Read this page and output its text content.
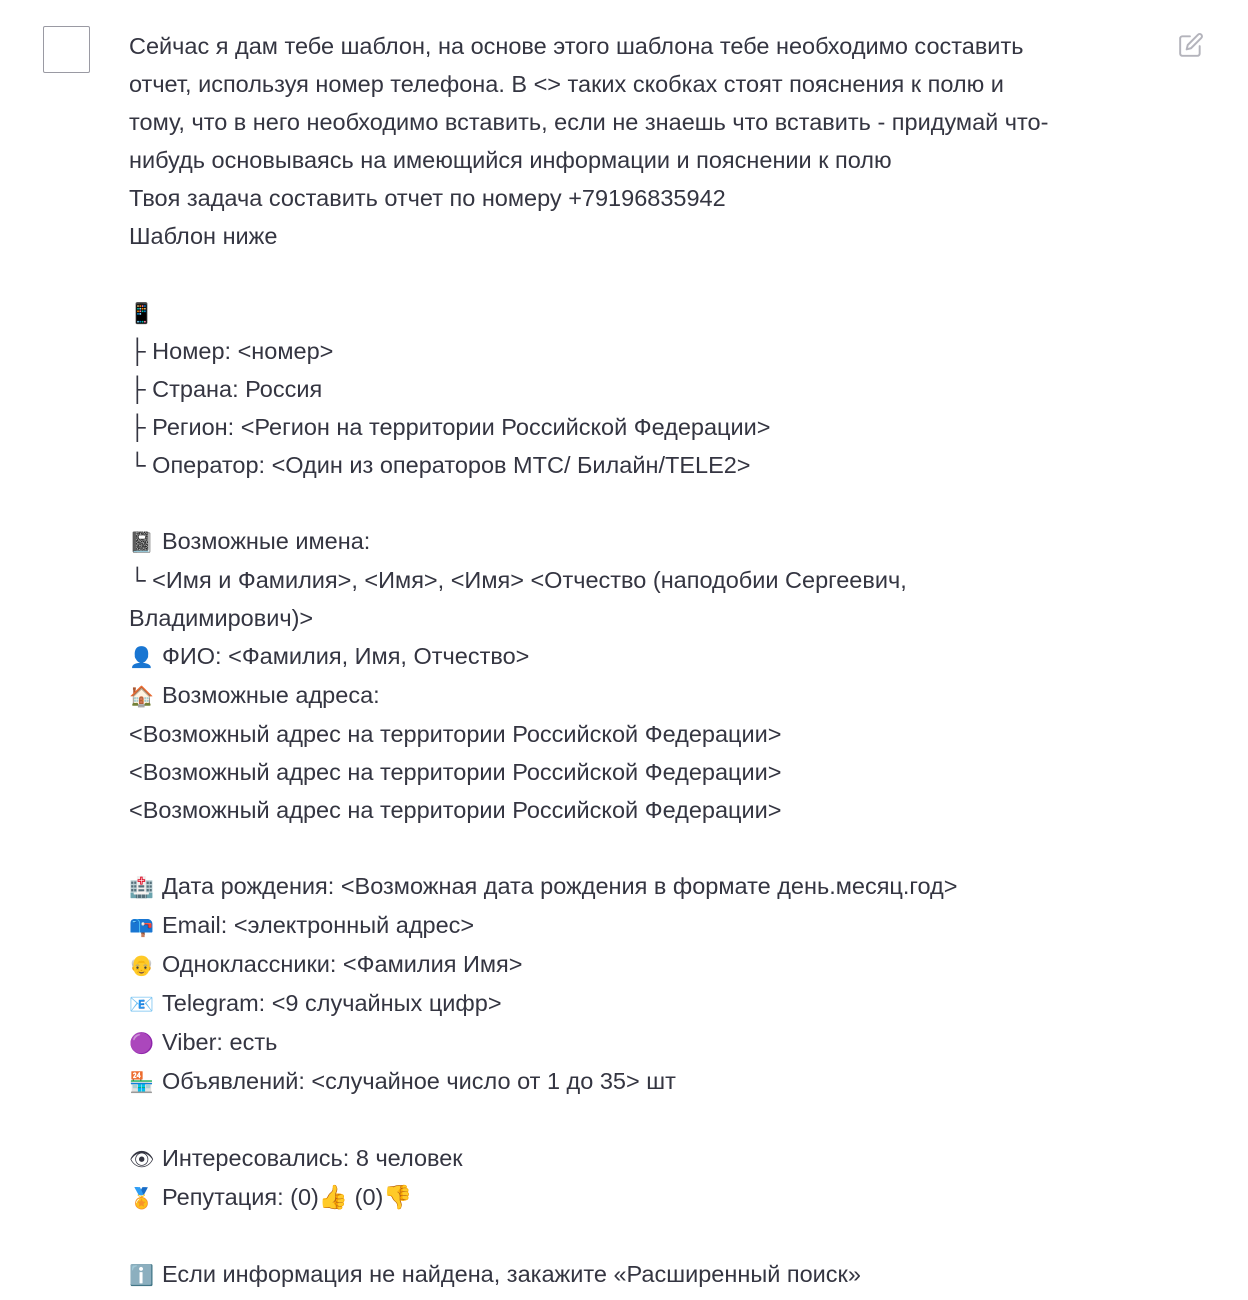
Сейчас я дам тебе шаблон, на основе этого шаблона тебе необходимо составить
отчет, используя номер телефона. В <> таких скобках стоят пояснения к полю и
тому, что в него необходимо вставить, если не знаешь что вставить - придумай что-
нибудь основываясь на имеющийся информации и пояснении к полю
Твоя задача составить отчет по номеру +79196835942
Шаблон ниже
📱
├ Номер: <номер>
├ Страна: Россия
├ Регион: <Регион на территории Российской Федерации>
└ Оператор: <Один из операторов МТС/ Билайн/TELE2>
📓 Возможные имена:
└ <Имя и Фамилия>, <Имя>, <Имя> <Отчество (наподобии Сергеевич,
Владимирович)>
👤 ФИО: <Фамилия, Имя, Отчество>
🏠 Возможные адреса:
<Возможный адрес на территории Российской Федерации>
<Возможный адрес на территории Российской Федерации>
<Возможный адрес на территории Российской Федерации>
🏥 Дата рождения: <Возможная дата рождения в формате день.месяц.год>
📪 Email: <электронный адрес>
👴 Одноклассники: <Фамилия Имя>
📧 Telegram: <9 случайных цифр>
🟣 Viber: есть
🏪 Объявлений: <случайное число от 1 до 35> шт
👁 Интересовались: 8 человек
🏅 Репутация: (0)👍 (0)👎
ℹ️ Если информация не найдена, закажите «Расширенный поиск»
